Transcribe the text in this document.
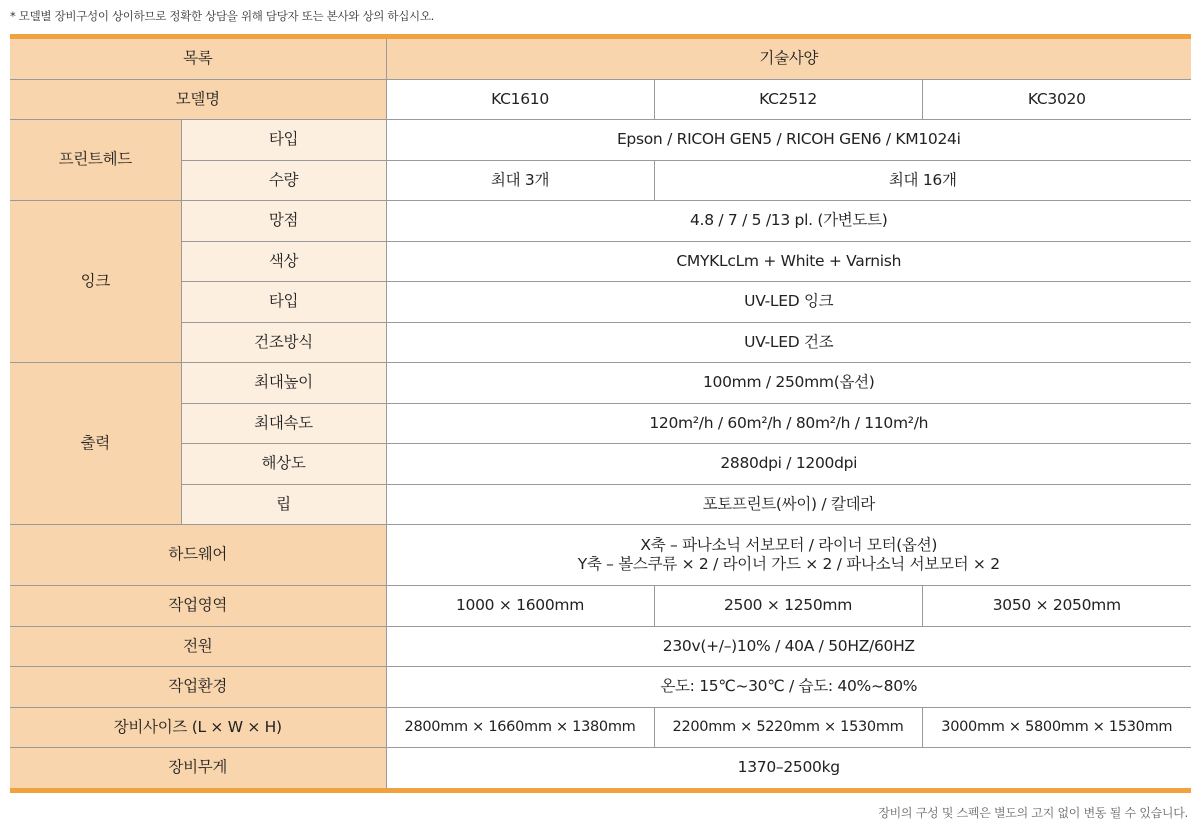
* 모델별 장비구성이 상이하므로 정확한 상담을 위해 담당자 또는 본사와 상의 하십시오.
목록		기술사양		
모델명		KC1610	KC2512	KC3020
프린트헤드	타입	Epson / RICOH GEN5 / RICOH GEN6 / KM1024i		
	수량	최대 3개	최대 16개	
잉크	망점	4.8 / 7 / 5 /13 pl. (가변도트)		
	색상	CMYKLcLm + White + Varnish		
	타입	UV-LED 잉크		
	건조방식	UV-LED 건조		
출력	최대높이	100mm / 250mm(옵션)		
	최대속도	120m²/h / 60m²/h / 80m²/h / 110m²/h		
	해상도	2880dpi / 1200dpi		
	립	포토프린트(싸이) / 칼데라		
하드웨어		X축 – 파나소닉 서보모터 / 라이너 모터(옵션)
Y축 – 볼스쿠류 × 2 / 라이너 가드 × 2 / 파나소닉 서보모터 × 2		

작업영역		1000 × 1600mm	2500 × 1250mm	3050 × 2050mm
전원		230v(+/–)10% / 40A / 50HZ/60HZ		
작업환경		온도: 15℃~30℃ / 습도: 40%~80%		
장비사이즈 (L × W × H)		2800mm × 1660mm × 1380mm	2200mm × 5220mm × 1530mm	3000mm × 5800mm × 1530mm
장비무게		1370–2500kg		
장비의 구성 및 스펙은 별도의 고지 없이 변동 될 수 있습니다.
